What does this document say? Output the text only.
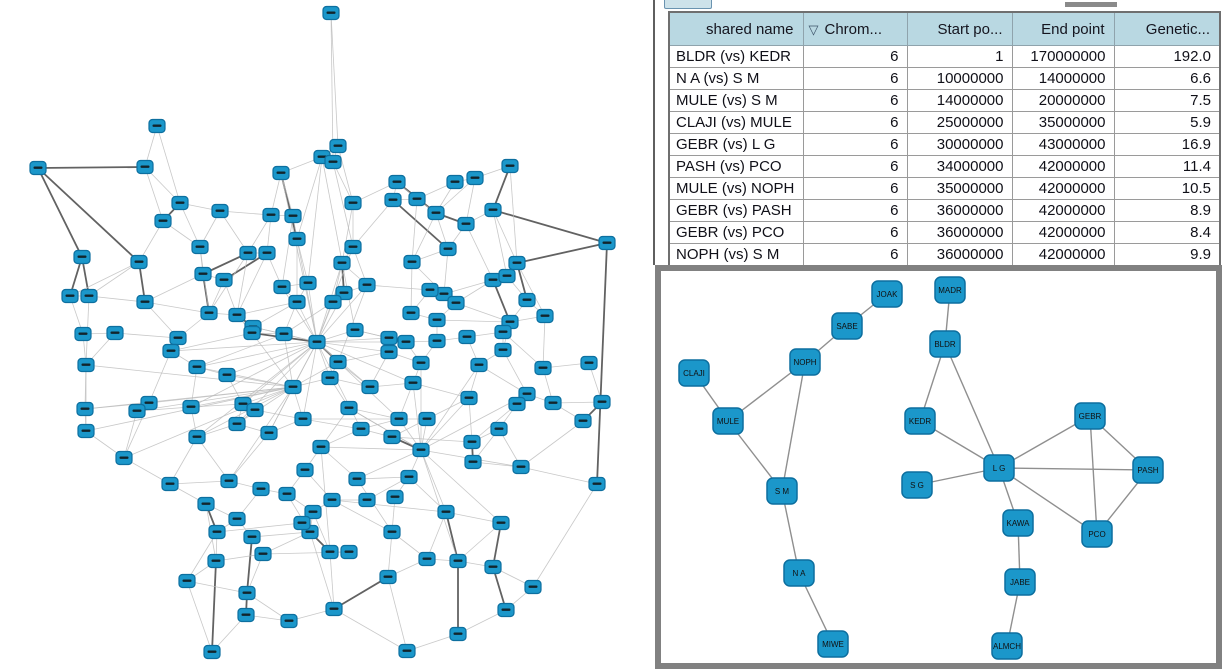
shared name	▽ Chrom...	Start po...	End point	Genetic...
BLDR (vs) KEDR	6	1	170000000	192.0
N A (vs) S M	6	10000000	14000000	6.6
MULE (vs) S M	6	14000000	20000000	7.5
CLAJI (vs) MULE	6	25000000	35000000	5.9
GEBR (vs) L G	6	30000000	43000000	16.9
PASH (vs) PCO	6	34000000	42000000	11.4
MULE (vs) NOPH	6	35000000	42000000	10.5
GEBR (vs) PASH	6	36000000	42000000	8.9
GEBR (vs) PCO	6	36000000	42000000	8.4
NOPH (vs) S M	6	36000000	42000000	9.9
JOAK	MADR
SABE
BLDR
NOPH
CLAJI
MULE	KEDR
GEBR
L G	PASH
S G
S M
KAWA
PCO
N A
JABE
MIWE	ALMCH
